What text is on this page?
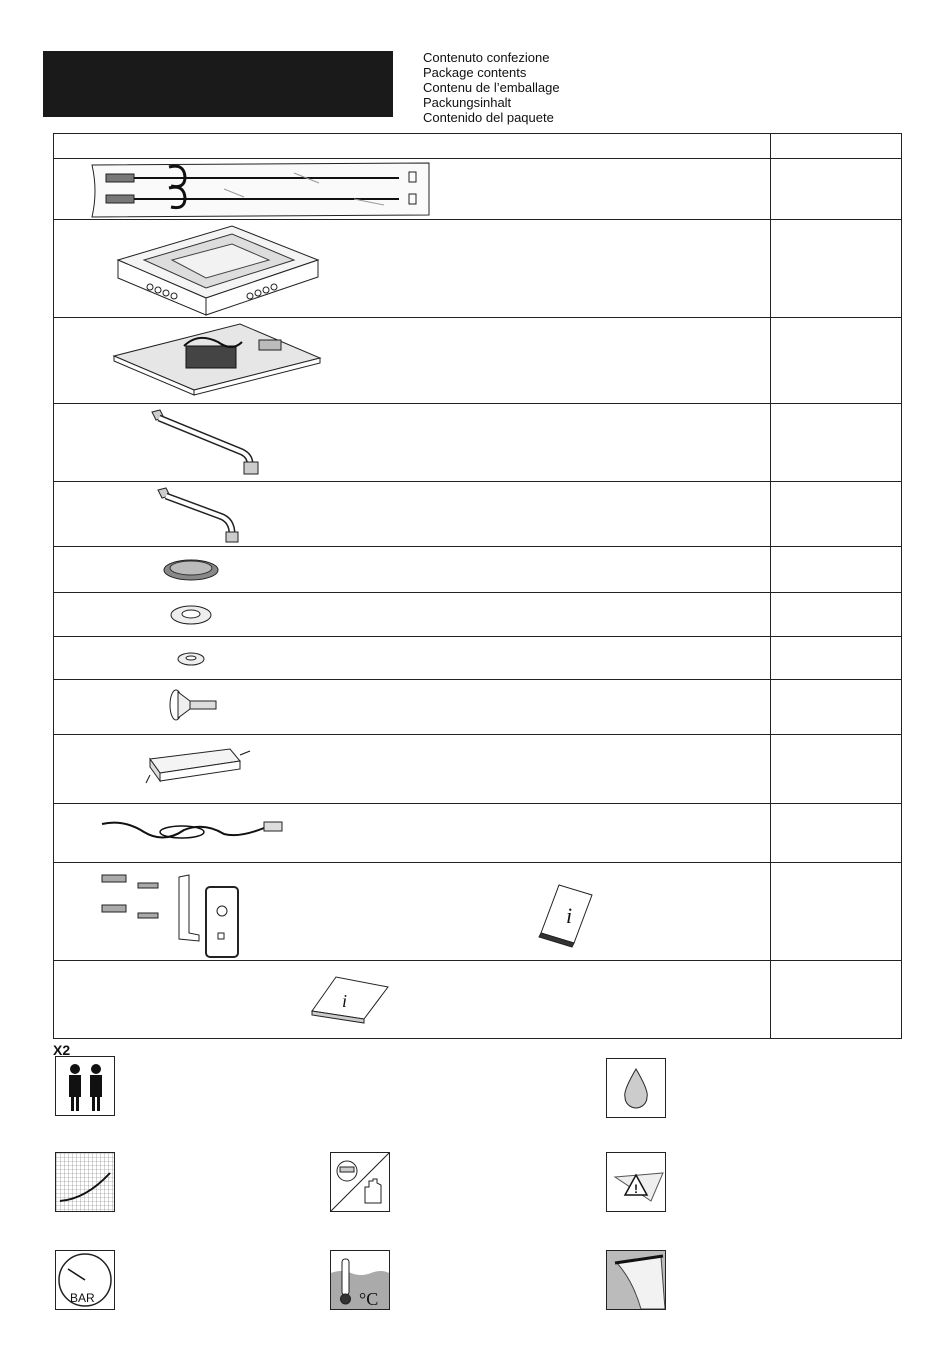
Contenuto confezione
Package contents
Contenu de l’emballage
Packungsinhalt
Contenido del paquete
i
i
X2
!
BAR	°C
